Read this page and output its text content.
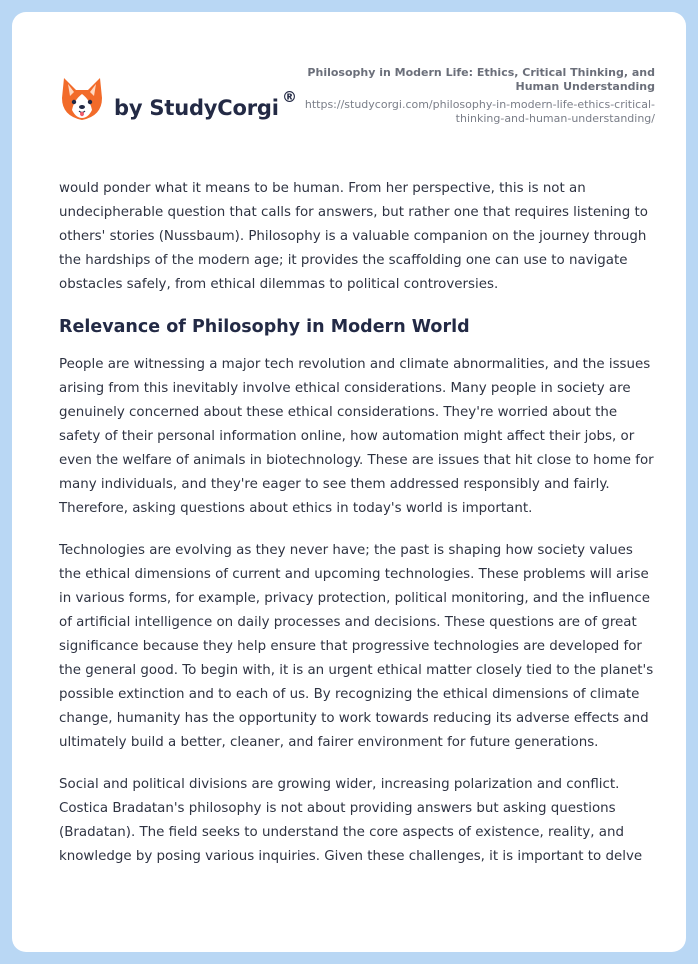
by StudyCorgi ®
Philosophy in Modern Life: Ethics, Critical Thinking, and Human Understanding
https://studycorgi.com/philosophy-in-modern-life-ethics-critical-thinking-and-human-understanding/

would ponder what it means to be human. From her perspective, this is not an undecipherable question that calls for answers, but rather one that requires listening to others' stories (Nussbaum). Philosophy is a valuable companion on the journey through the hardships of the modern age; it provides the scaffolding one can use to navigate obstacles safely, from ethical dilemmas to political controversies.

Relevance of Philosophy in Modern World

People are witnessing a major tech revolution and climate abnormalities, and the issues arising from this inevitably involve ethical considerations. Many people in society are genuinely concerned about these ethical considerations. They're worried about the safety of their personal information online, how automation might affect their jobs, or even the welfare of animals in biotechnology. These are issues that hit close to home for many individuals, and they're eager to see them addressed responsibly and fairly. Therefore, asking questions about ethics in today's world is important.

Technologies are evolving as they never have; the past is shaping how society values the ethical dimensions of current and upcoming technologies. These problems will arise in various forms, for example, privacy protection, political monitoring, and the influence of artificial intelligence on daily processes and decisions. These questions are of great significance because they help ensure that progressive technologies are developed for the general good. To begin with, it is an urgent ethical matter closely tied to the planet's possible extinction and to each of us. By recognizing the ethical dimensions of climate change, humanity has the opportunity to work towards reducing its adverse effects and ultimately build a better, cleaner, and fairer environment for future generations.

Social and political divisions are growing wider, increasing polarization and conflict. Costica Bradatan's philosophy is not about providing answers but asking questions (Bradatan). The field seeks to understand the core aspects of existence, reality, and knowledge by posing various inquiries. Given these challenges, it is important to delve
